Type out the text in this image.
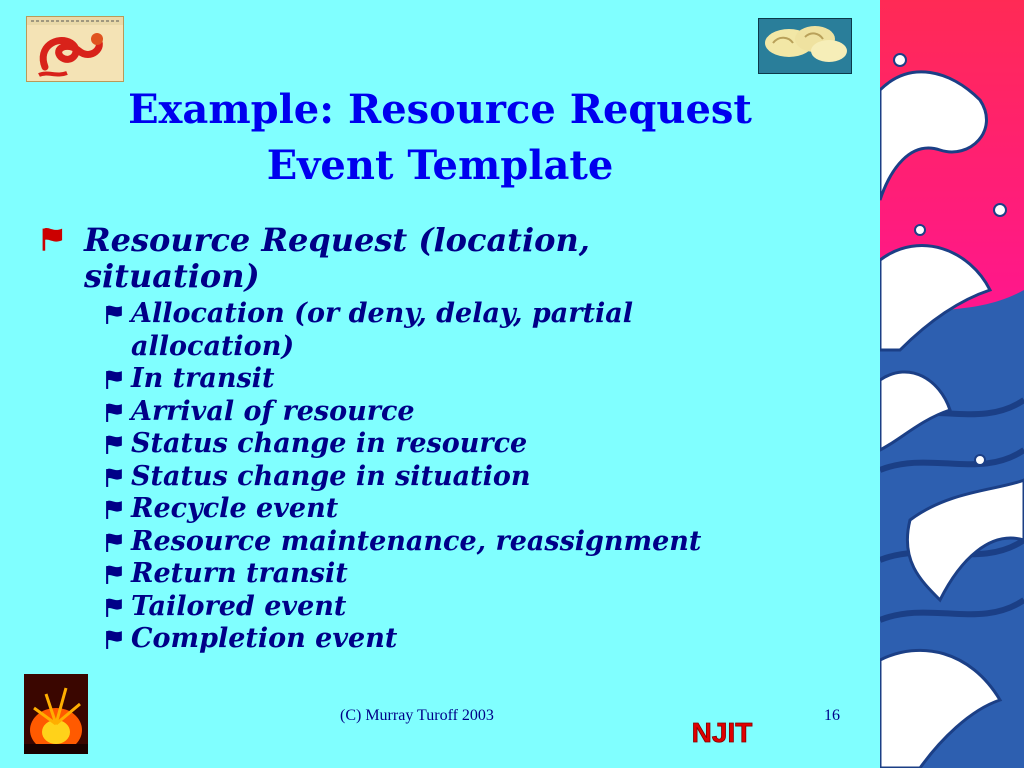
Example: Resource Request
Event Template
Resource Request (location,
situation)
Allocation (or deny, delay, partial
allocation)
In transit
Arrival of resource
Status change in resource
Status change in situation
Recycle event
Resource maintenance, reassignment
Return transit
Tailored event
Completion event
(C) Murray Turoff 2003
NJIT
16
